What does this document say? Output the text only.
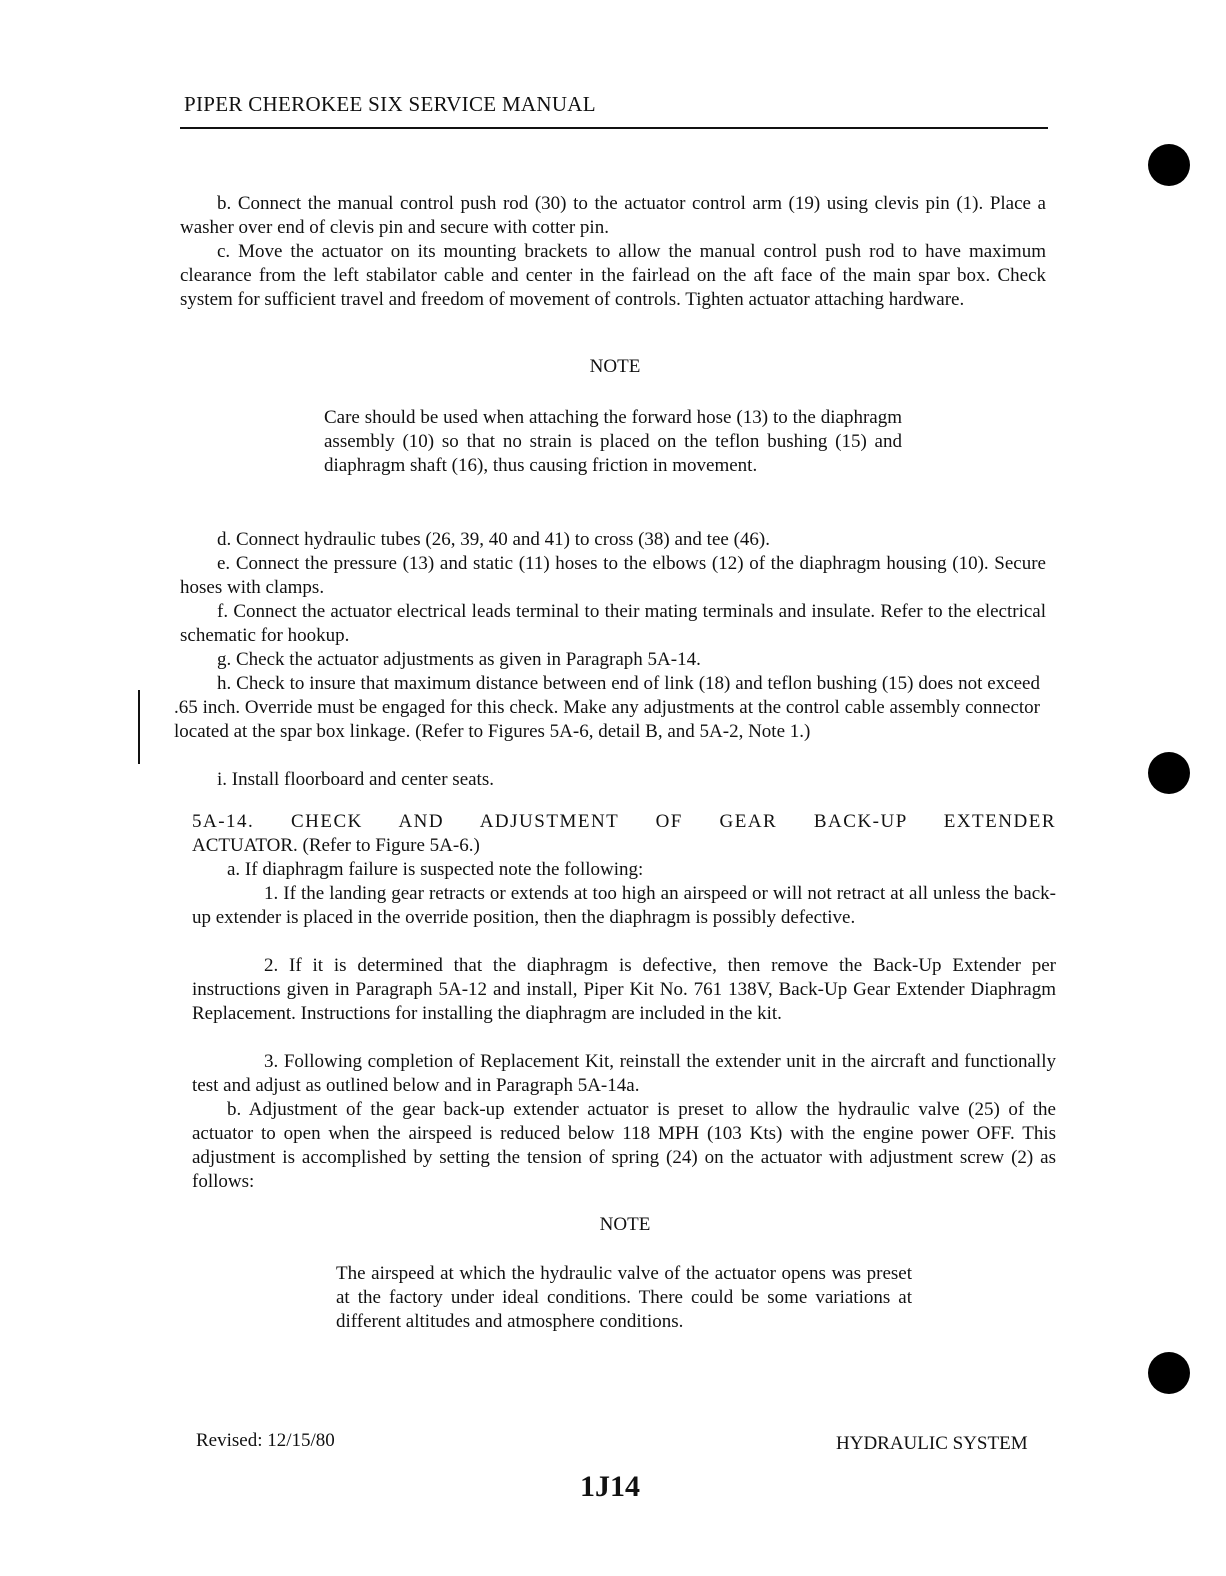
PIPER CHEROKEE SIX SERVICE MANUAL
b. Connect the manual control push rod (30) to the actuator control arm (19) using clevis pin (1). Place a washer over end of clevis pin and secure with cotter pin.
c. Move the actuator on its mounting brackets to allow the manual control push rod to have maximum clearance from the left stabilator cable and center in the fairlead on the aft face of the main spar box. Check system for sufficient travel and freedom of movement of controls. Tighten actuator attaching hardware.
NOTE
Care should be used when attaching the forward hose (13) to the diaphragm assembly (10) so that no strain is placed on the teflon bushing (15) and diaphragm shaft (16), thus causing friction in movement.
d. Connect hydraulic tubes (26, 39, 40 and 41) to cross (38) and tee (46).
e. Connect the pressure (13) and static (11) hoses to the elbows (12) of the diaphragm housing (10). Secure hoses with clamps.
f. Connect the actuator electrical leads terminal to their mating terminals and insulate. Refer to the electrical schematic for hookup.
g. Check the actuator adjustments as given in Paragraph 5A-14.
h. Check to insure that maximum distance between end of link (18) and teflon bushing (15) does not exceed .65 inch. Override must be engaged for this check. Make any adjustments at the control cable assembly connector located at the spar box linkage. (Refer to Figures 5A-6, detail B, and 5A-2, Note 1.)
i. Install floorboard and center seats.
5A-14. CHECK AND ADJUSTMENT OF GEAR BACK-UP EXTENDER
ACTUATOR. (Refer to Figure 5A-6.)
a. If diaphragm failure is suspected note the following:
1. If the landing gear retracts or extends at too high an airspeed or will not retract at all unless the back-up extender is placed in the override position, then the diaphragm is possibly defective.
2. If it is determined that the diaphragm is defective, then remove the Back-Up Extender per instructions given in Paragraph 5A-12 and install, Piper Kit No. 761 138V, Back-Up Gear Extender Diaphragm Replacement. Instructions for installing the diaphragm are included in the kit.
3. Following completion of Replacement Kit, reinstall the extender unit in the aircraft and functionally test and adjust as outlined below and in Paragraph 5A-14a.
b. Adjustment of the gear back-up extender actuator is preset to allow the hydraulic valve (25) of the actuator to open when the airspeed is reduced below 118 MPH (103 Kts) with the engine power OFF. This adjustment is accomplished by setting the tension of spring (24) on the actuator with adjustment screw (2) as follows:
NOTE
The airspeed at which the hydraulic valve of the actuator opens was preset at the factory under ideal conditions. There could be some variations at different altitudes and atmosphere conditions.
Revised: 12/15/80	HYDRAULIC SYSTEM
1J14
